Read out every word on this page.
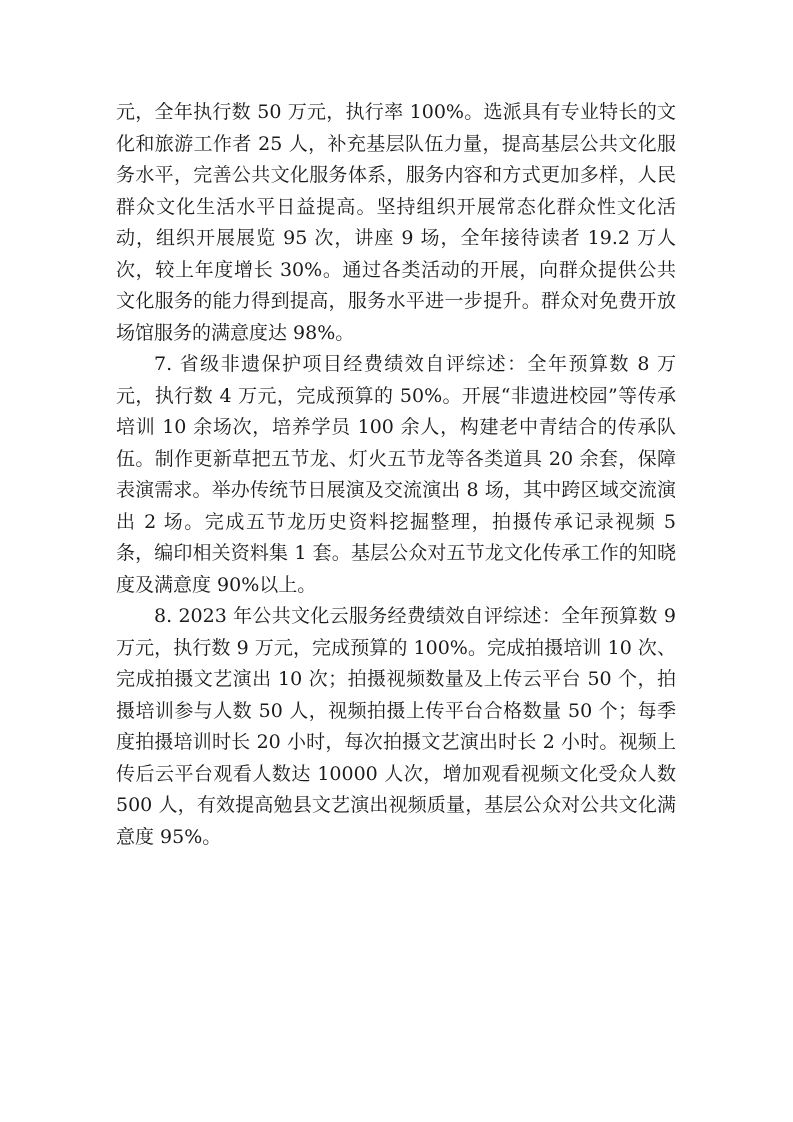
元，全年执行数 50 万元，执行率 100%。选派具有专业特长的文化和旅游工作者 25 人，补充基层队伍力量，提高基层公共文化服务水平，完善公共文化服务体系，服务内容和方式更加多样，人民群众文化生活水平日益提高。坚持组织开展常态化群众性文化活动，组织开展展览 95 次，讲座 9 场，全年接待读者 19.2 万人次，较上年度增长 30%。通过各类活动的开展，向群众提供公共文化服务的能力得到提高，服务水平进一步提升。群众对免费开放场馆服务的满意度达 98%。

7. 省级非遗保护项目经费绩效自评综述：全年预算数 8 万元，执行数 4 万元，完成预算的 50%。开展“非遗进校园”等传承培训 10 余场次，培养学员 100 余人，构建老中青结合的传承队伍。制作更新草把五节龙、灯火五节龙等各类道具 20 余套，保障表演需求。举办传统节日展演及交流演出 8 场，其中跨区域交流演出 2 场。完成五节龙历史资料挖掘整理，拍摄传承记录视频 5 条，编印相关资料集 1 套。基层公众对五节龙文化传承工作的知晓度及满意度 90%以上。

8. 2023 年公共文化云服务经费绩效自评综述：全年预算数 9 万元，执行数 9 万元，完成预算的 100%。完成拍摄培训 10 次、完成拍摄文艺演出 10 次；拍摄视频数量及上传云平台 50 个，拍摄培训参与人数 50 人，视频拍摄上传平台合格数量 50 个；每季度拍摄培训时长 20 小时，每次拍摄文艺演出时长 2 小时。视频上传后云平台观看人数达 10000 人次，增加观看视频文化受众人数 500 人，有效提高勉县文艺演出视频质量，基层公众对公共文化满意度 95%。
